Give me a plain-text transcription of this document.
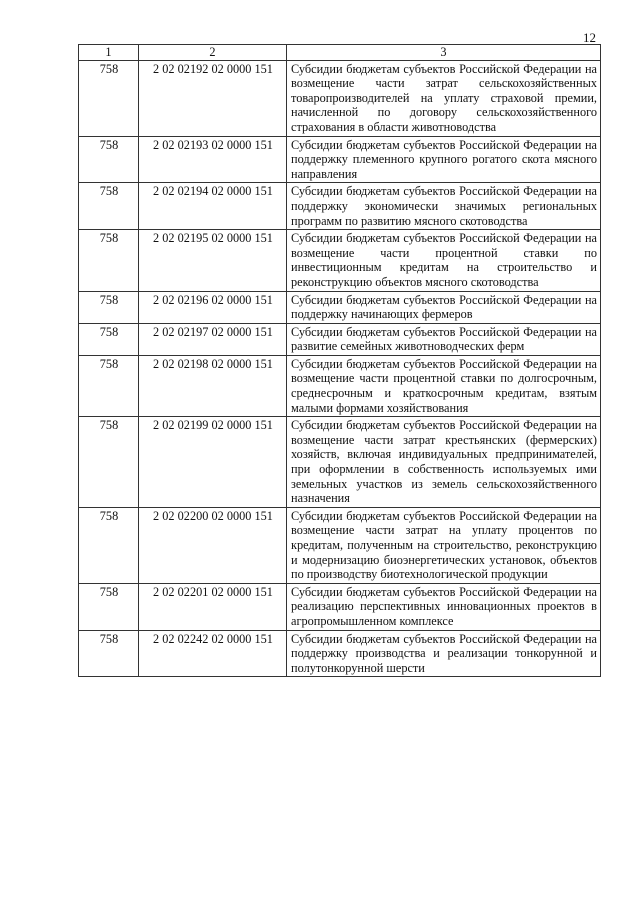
12
1	2	3
758	2 02 02192 02 0000 151	Субсидии бюджетам субъектов Российской Федерации на возмещение части затрат сельскохозяйственных товаропроизводителей на уплату страховой премии, начисленной по договору сельскохозяйственного страхования в области животноводства
758	2 02 02193 02 0000 151	Субсидии бюджетам субъектов Российской Федерации на поддержку племенного крупного рогатого скота мясного направления
758	2 02 02194 02 0000 151	Субсидии бюджетам субъектов Российской Федерации на поддержку экономически значимых региональных программ по развитию мясного скотоводства
758	2 02 02195 02 0000 151	Субсидии бюджетам субъектов Российской Федерации на возмещение части процентной ставки по инвестиционным кредитам на строительство и реконструкцию объектов мясного скотоводства
758	2 02 02196 02 0000 151	Субсидии бюджетам субъектов Российской Федерации на поддержку начинающих фермеров
758	2 02 02197 02 0000 151	Субсидии бюджетам субъектов Российской Федерации на развитие семейных животноводческих ферм
758	2 02 02198 02 0000 151	Субсидии бюджетам субъектов Российской Федерации на возмещение части процентной ставки по долгосрочным, среднесрочным и краткосрочным кредитам, взятым малыми формами хозяйствования
758	2 02 02199 02 0000 151	Субсидии бюджетам субъектов Российской Федерации на возмещение части затрат крестьянских (фермерских) хозяйств, включая индивидуальных предпринимателей, при оформлении в собственность используемых ими земельных участков из земель сельскохозяйственного назначения
758	2 02 02200 02 0000 151	Субсидии бюджетам субъектов Российской Федерации на возмещение части затрат на уплату процентов по кредитам, полученным на строительство, реконструкцию и модернизацию биоэнергетических установок, объектов по производству биотехнологической продукции
758	2 02 02201 02 0000 151	Субсидии бюджетам субъектов Российской Федерации на реализацию перспективных инновационных проектов в агропромышленном комплексе
758	2 02 02242 02 0000 151	Субсидии бюджетам субъектов Российской Федерации на поддержку производства и реализации тонкорунной и полутонкорунной шерсти
